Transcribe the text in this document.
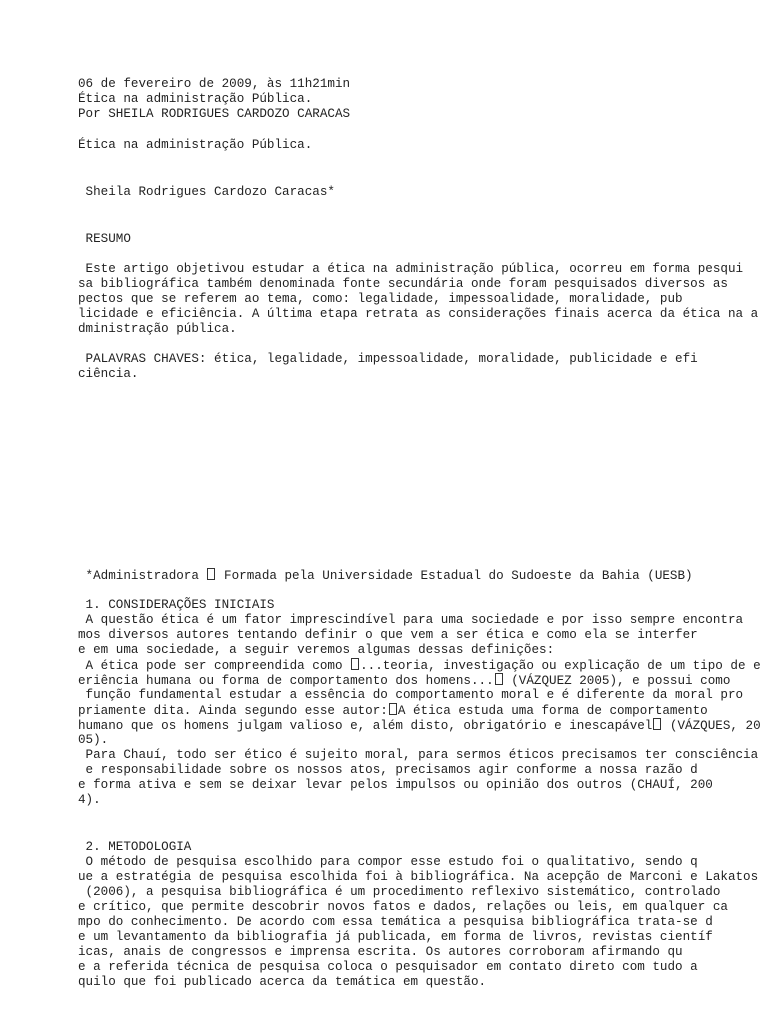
06 de fevereiro de 2009, às 11h21min
Ética na administração Pública.
Por SHEILA RODRIGUES CARDOZO CARACAS
Ética na administração Pública.
Sheila Rodrigues Cardozo Caracas*
RESUMO
Este artigo objetivou estudar a ética na administração pública, ocorreu em forma pesqui
sa bibliográfica também denominada fonte secundária onde foram pesquisados diversos as
pectos que se referem ao tema, como: legalidade, impessoalidade, moralidade, pub
licidade e eficiência. A última etapa retrata as considerações finais acerca da ética na a
dministração pública.
PALAVRAS CHAVES: ética, legalidade, impessoalidade, moralidade, publicidade e efi
ciência.
*Administradora  Formada pela Universidade Estadual do Sudoeste da Bahia (UESB)
1. CONSIDERAÇÕES INICIAIS
A questão ética é um fator imprescindível para uma sociedade e por isso sempre encontra
mos diversos autores tentando definir o que vem a ser ética e como ela se interfer
e em uma sociedade, a seguir veremos algumas dessas definições:
A ética pode ser compreendida como ...teoria, investigação ou explicação de um tipo de e
eriência humana ou forma de comportamento dos homens... (VÁZQUEZ 2005), e possui como
função fundamental estudar a essência do comportamento moral e é diferente da moral pro
priamente dita. Ainda segundo esse autor: A ética estuda uma forma de comportamento
humano que os homens julgam valioso e, além disto, obrigatório e inescapável (VÁZQUES, 20
05).
Para Chauí, todo ser ético é sujeito moral, para sermos éticos precisamos ter consciência
e responsabilidade sobre os nossos atos, precisamos agir conforme a nossa razão d
e forma ativa e sem se deixar levar pelos impulsos ou opinião dos outros (CHAUÍ, 200
4).
2. METODOLOGIA
O método de pesquisa escolhido para compor esse estudo foi o qualitativo, sendo q
ue a estratégia de pesquisa escolhida foi à bibliográfica. Na acepção de Marconi e Lakatos
(2006), a pesquisa bibliográfica é um procedimento reflexivo sistemático, controlado
e crítico, que permite descobrir novos fatos e dados, relações ou leis, em qualquer ca
mpo do conhecimento. De acordo com essa temática a pesquisa bibliográfica trata-se d
e um levantamento da bibliografia já publicada, em forma de livros, revistas científ
icas, anais de congressos e imprensa escrita. Os autores corroboram afirmando qu
e a referida técnica de pesquisa coloca o pesquisador em contato direto com tudo a
quilo que foi publicado acerca da temática em questão.
